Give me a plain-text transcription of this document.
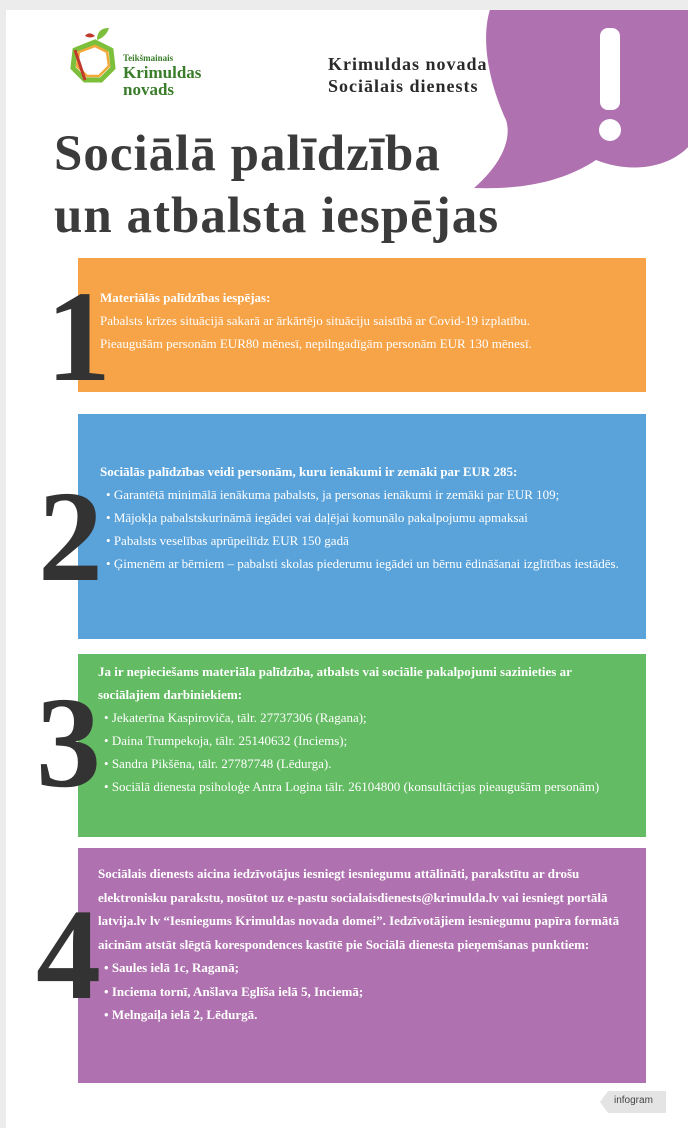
Teikšmainais
Krimuldas
novads
Krimuldas novada
Sociālais dienests
Sociālā palīdzība
un atbalsta iespējas

Materiālās palīdzības iespējas:

Pabalsts krīzes situācijā sakarā ar ārkārtējo situāciju saistībā ar Covid-19 izplatību.

Pieaugušām personām EUR80 mēnesī, nepilngadīgām personām EUR 130 mēnesī.

1

Sociālās palīdzības veidi personām, kuru ienākumi ir zemāki par EUR 285:

• Garantētā minimālā ienākuma pabalsts, ja personas ienākumi ir zemāki par EUR 109;
• Mājokļa pabalstskurināmā iegādei vai daļējai komunālo pakalpojumu apmaksai
• Pabalsts veselības aprūpeilīdz EUR 150 gadā
• Ģimenēm ar bērniem – pabalsti skolas piederumu iegādei un bērnu ēdināšanai izglītības iestādēs.
2

Ja ir nepieciešams materiāla palīdzība, atbalsts vai sociālie pakalpojumi sazinieties ar sociālajiem darbiniekiem:

• Jekaterīna Kaspiroviča, tālr. 27737306 (Ragana);
• Daina Trumpekoja, tālr. 25140632 (Inciems);
• Sandra Pikšēna, tālr. 27787748 (Lēdurga).
• Sociālā dienesta psiholoģe Antra Logina tālr. 26104800 (konsultācijas pieaugušām personām)
3

Sociālais dienests aicina iedzīvotājus iesniegt iesniegumu attālināti, parakstītu ar drošu elektronisku parakstu, nosūtot uz e-pastu socialaisdienests@krimulda.lv vai iesniegt portālā latvija.lv lv “Iesniegums Krimuldas novada domei”. Iedzīvotājiem iesniegumu papīra formātā aicinām atstāt slēgtā korespondences kastītē pie Sociālā dienesta pieņemšanas punktiem:

• Saules ielā 1c, Raganā;
• Inciema tornī, Anšlava Eglīša ielā 5, Inciemā;
• Melngaiļa ielā 2, Lēdurgā.
4
infogram
